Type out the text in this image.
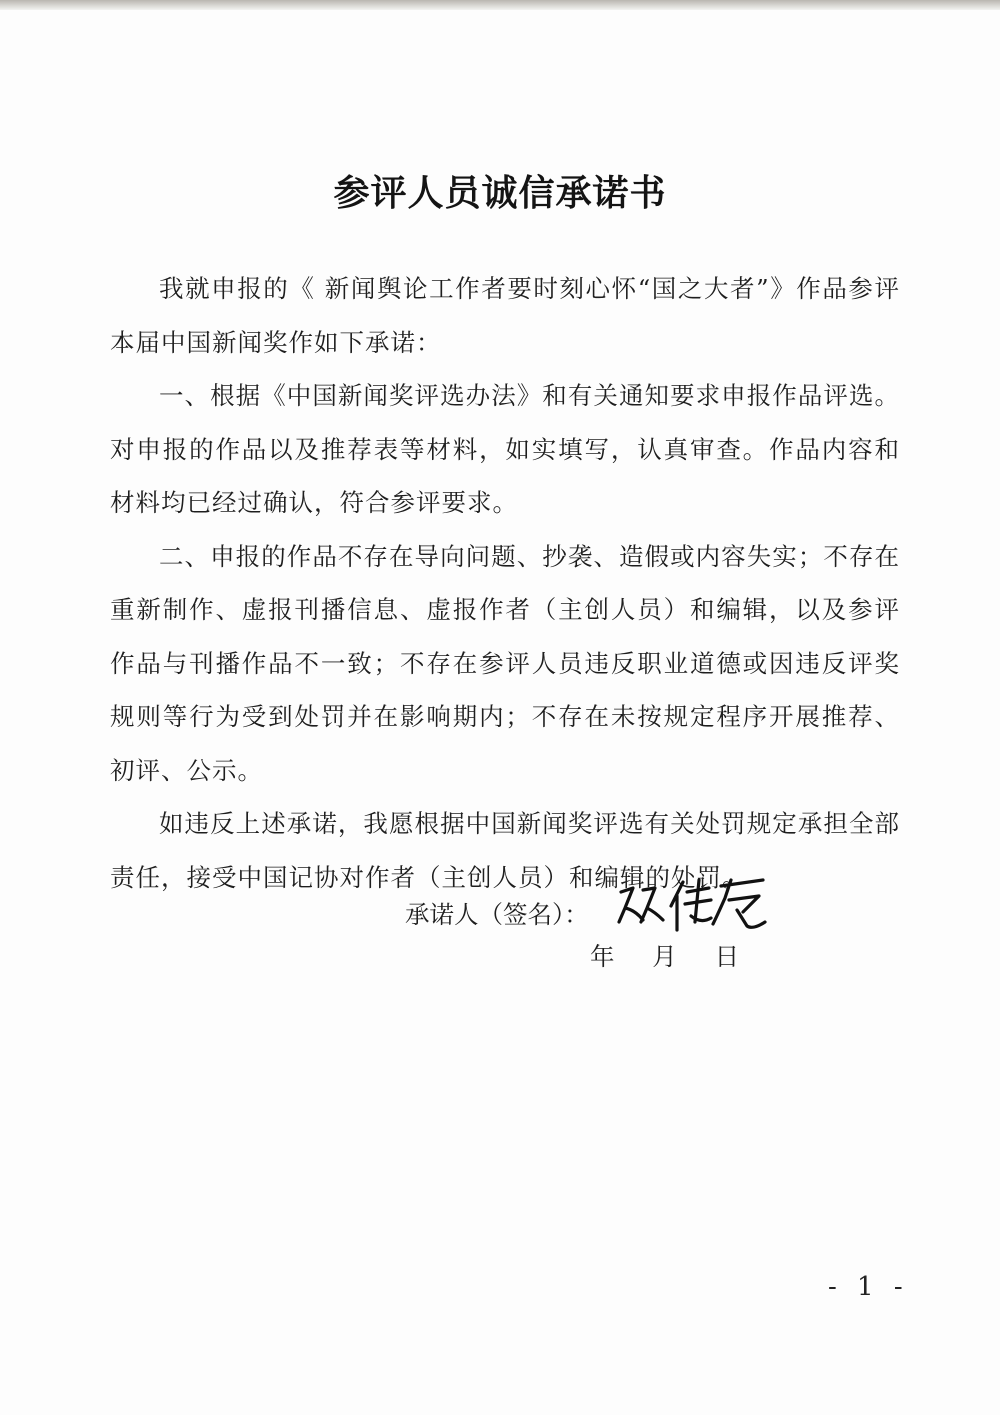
参评人员诚信承诺书

我就申报的《 新闻舆论工作者要时刻心怀“国之大者”》作品参评本届中国新闻奖作如下承诺：

一、根据《中国新闻奖评选办法》和有关通知要求申报作品评选。对申报的作品以及推荐表等材料，如实填写，认真审查。作品内容和材料均已经过确认，符合参评要求。

二、申报的作品不存在导向问题、抄袭、造假或内容失实；不存在重新制作、虚报刊播信息、虚报作者（主创人员）和编辑，以及参评作品与刊播作品不一致；不存在参评人员违反职业道德或因违反评奖规则等行为受到处罚并在影响期内；不存在未按规定程序开展推荐、初评、公示。

如违反上述承诺，我愿根据中国新闻奖评选有关处罚规定承担全部责任，接受中国记协对作者（主创人员）和编辑的处罚。

承诺人（签名）：
年 月 日
- 1 -
